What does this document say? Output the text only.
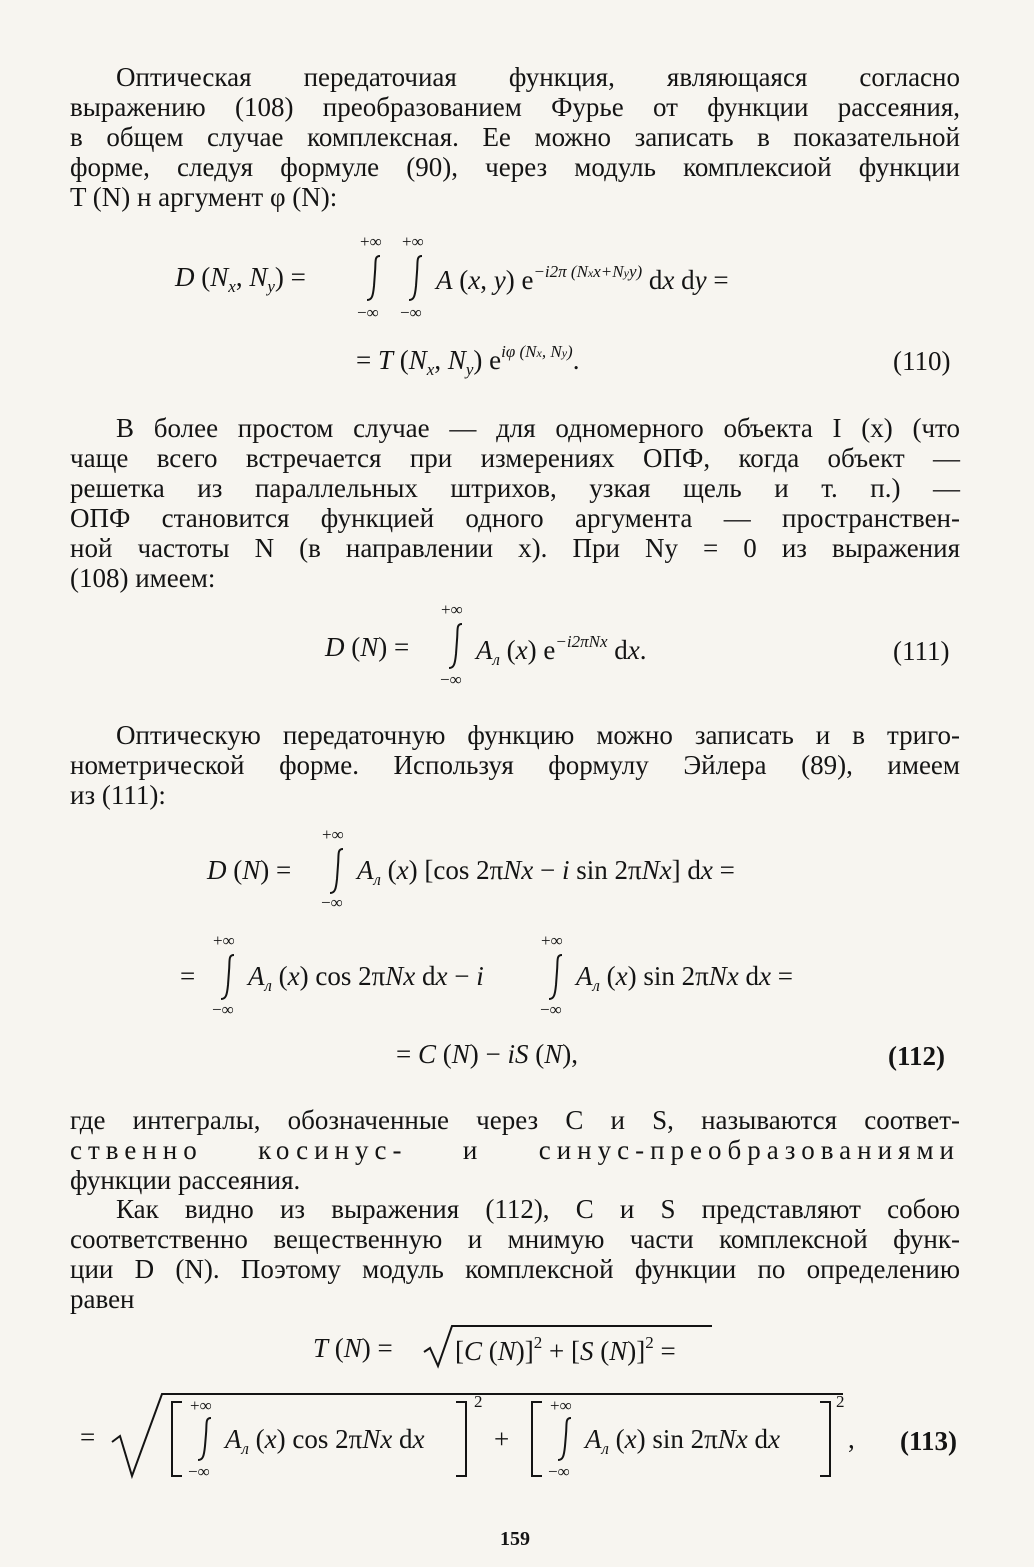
Оптическая передаточиая функция, являющаяся согласно
выражению (108) преобразованием Фурье от функции рассеяния,
в общем случае комплексная. Ее можно записать в показательной
форме, следуя формуле (90), через модуль комплексиой функции
T (N) н аргумент φ (N):

+∞ +∞
−∞ −∞
D ($N_x$, $N_y$) =	A (x, y) $e^{-i2\pi (Nxx+Nyy)}$ dx dy =
= T ($N_x$, $N_y$) $e^{i\varphi (Nx, Ny)}$.	(110)

В более простом случае — для одномерного объекта I (x) (что
чаще всего встречается при измерениях ОПФ, когда объект —
решетка из параллельных штрихов, узкая щель и т. п.) —
ОПФ становится функцией одного аргумента — пространствен-
ной частоты N (в направлении x). При Ny = 0 из выражения
(108) имеем:

+∞
−∞
D $(N) = A_л$ (x) $e^{-i2\pi Nx}$ dx.	(111)

Оптическую передаточную функцию можно записать и в триго-
нометрической форме. Используя формулу Эйлера (89), имеем
из (111):

+∞
−∞
D $(N) = A_л$ (x) [cos 2πNx − i sin 2πNx] dx =
+∞
−∞
+∞
−∞
= $A_л$ (x) cos 2πNx dx − i	$A_л$ (x) sin 2πNx dx =
= C (N) − iS (N),	(112)

где интегралы, обозначенные через C и S, называются соответ-
ственно косинус- и синус-преобразованиями
функции рассеяния.

Как видно из выражения (112), C и S представляют собою
соответственно вещественную и мнимую части комплексной функ-
ции D (N). Поэтому модуль комплексной функции по определению
равен

T (N) = [C (N)]$^2$ + [S (N)]$^2$ =
=
+∞
−∞
$A_л$ (x) cos 2πNx dx
2
+
+∞
−∞
$A_л$ (x) sin 2πNx dx
2
, (113)
159
